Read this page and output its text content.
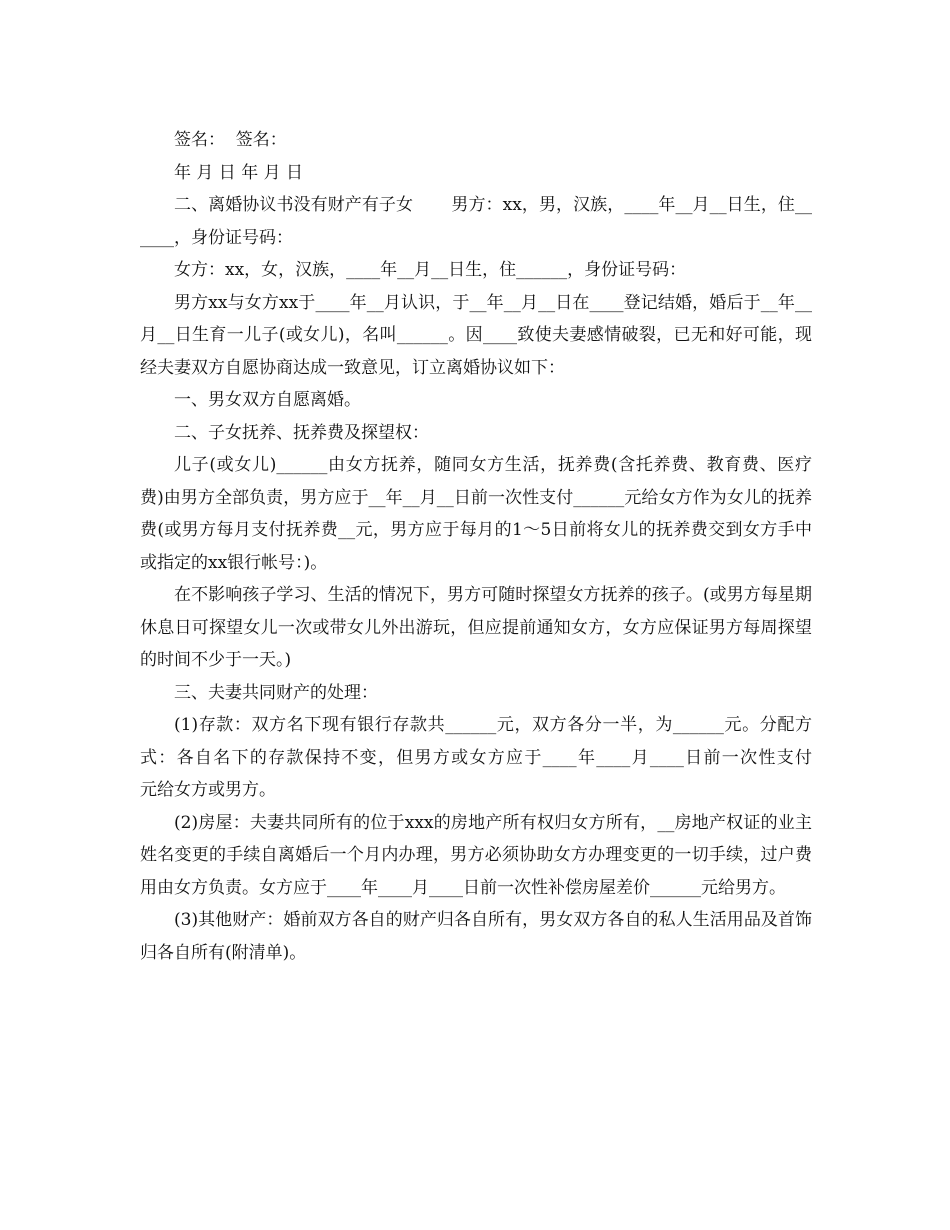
签名：  签名：

年 月 日 年 月 日

二、离婚协议书没有财产有子女       男方：xx，男，汉族，____年__月__日生，住______，身份证号码：

女方：xx，女，汉族，____年__月__日生，住______，身份证号码：

男方xx与女方xx于____年__月认识，于__年__月__日在____登记结婚，婚后于__年__月__日生育一儿子(或女儿)，名叫______。因____致使夫妻感情破裂，已无和好可能，现经夫妻双方自愿协商达成一致意见，订立离婚协议如下：

一、男女双方自愿离婚。

二、子女抚养、抚养费及探望权：

儿子(或女儿)______由女方抚养，随同女方生活，抚养费(含托养费、教育费、医疗费)由男方全部负责，男方应于__年__月__日前一次性支付______元给女方作为女儿的抚养费(或男方每月支付抚养费__元，男方应于每月的1～5日前将女儿的抚养费交到女方手中或指定的xx银行帐号：)。

在不影响孩子学习、生活的情况下，男方可随时探望女方抚养的孩子。(或男方每星期休息日可探望女儿一次或带女儿外出游玩，但应提前通知女方，女方应保证男方每周探望的时间不少于一天。)

三、夫妻共同财产的处理：

(1)存款：双方名下现有银行存款共______元，双方各分一半，为______元。分配方式：各自名下的存款保持不变，但男方或女方应于____年____月____日前一次性支付     元给女方或男方。

(2)房屋：夫妻共同所有的位于xxx的房地产所有权归女方所有，__房地产权证的业主姓名变更的手续自离婚后一个月内办理，男方必须协助女方办理变更的一切手续，过户费用由女方负责。女方应于____年____月____日前一次性补偿房屋差价______元给男方。

(3)其他财产：婚前双方各自的财产归各自所有，男女双方各自的私人生活用品及首饰归各自所有(附清单)。
